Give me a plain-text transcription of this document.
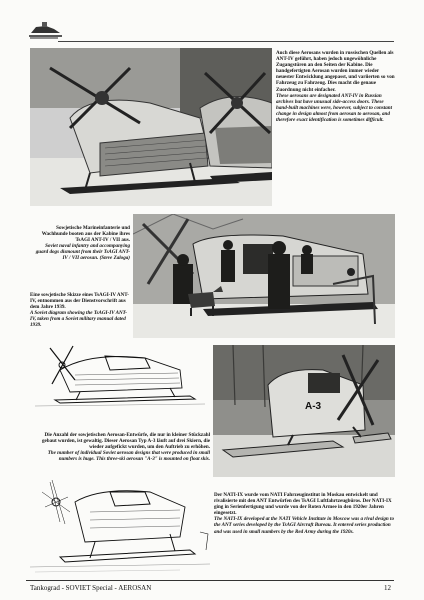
Auch diese Aerosans wurden in russischen Quellen als ANT-IV geführt, haben jedoch ungewöhnliche Zugangstüren an den Seiten der Kabine. Die handgefertigten Aerosan wurden immer wieder neuester Entwicklung angepasst, und variierten so von Fahrzeug zu Fahrzeug. Dies macht die genaue Zuordnung nicht einfacher.
These aerosans are designated ANT-IV in Russian archives but have unusual side-access doors. These hand-built machines were, however, subject to constant change in design almost from aerosan to aerosan, and therefore exact identification is sometimes difficult.
Sowjetische Marineinfanterie und Wachhunde booten aus der Kabine ihres TsAGI ANT-IV / VII aus.
Soviet naval infantry and accompanying guard dogs dismount from their TsAGI ANT-IV / VII aerosan. (Steve Zaloga)
Eine sowjetische Skizze eines TsAGI-IV ANT-IV, entnommen aus der Dienstvorschrift aus dem Jahre 1939.
A Soviet diagram showing the TsAGI-IV ANT-IV, taken from a Soviet military manual dated 1939.
A-3
Die Anzahl der sowjetischen Aerosan-Entwürfe, die nur in kleiner Stückzahl gebaut wurden, ist gewaltig. Dieser Aerosan Typ A-3 läuft auf drei Skiern, die wieder aufgefickt wurden, um den Auftrieb zu erhöhen.
The number of individual Soviet aerosan designs that were produced in small numbers is huge. This three-ski aerosan "A-3" is mounted on float skis.
Der NATI-IX wurde vom NATI Fahrzeuginstitut in Moskau entwickelt und rivalisierte mit den ANT Entwürfen des TsAGI Luftfahrtzeugbüros. Der NATI-IX ging in Serienfertigung und wurde von der Roten Armee in den 1920er Jahren eingesetzt.
The NATI-IX developed at the NATI Vehicle Institute in Moscow was a rival design to the ANT series developed by the TsAGI Aircraft Bureau. It entered series production and was used in small numbers by the Red Army during the 1920s.
Tankograd - SOVIET Special - AEROSAN	12
